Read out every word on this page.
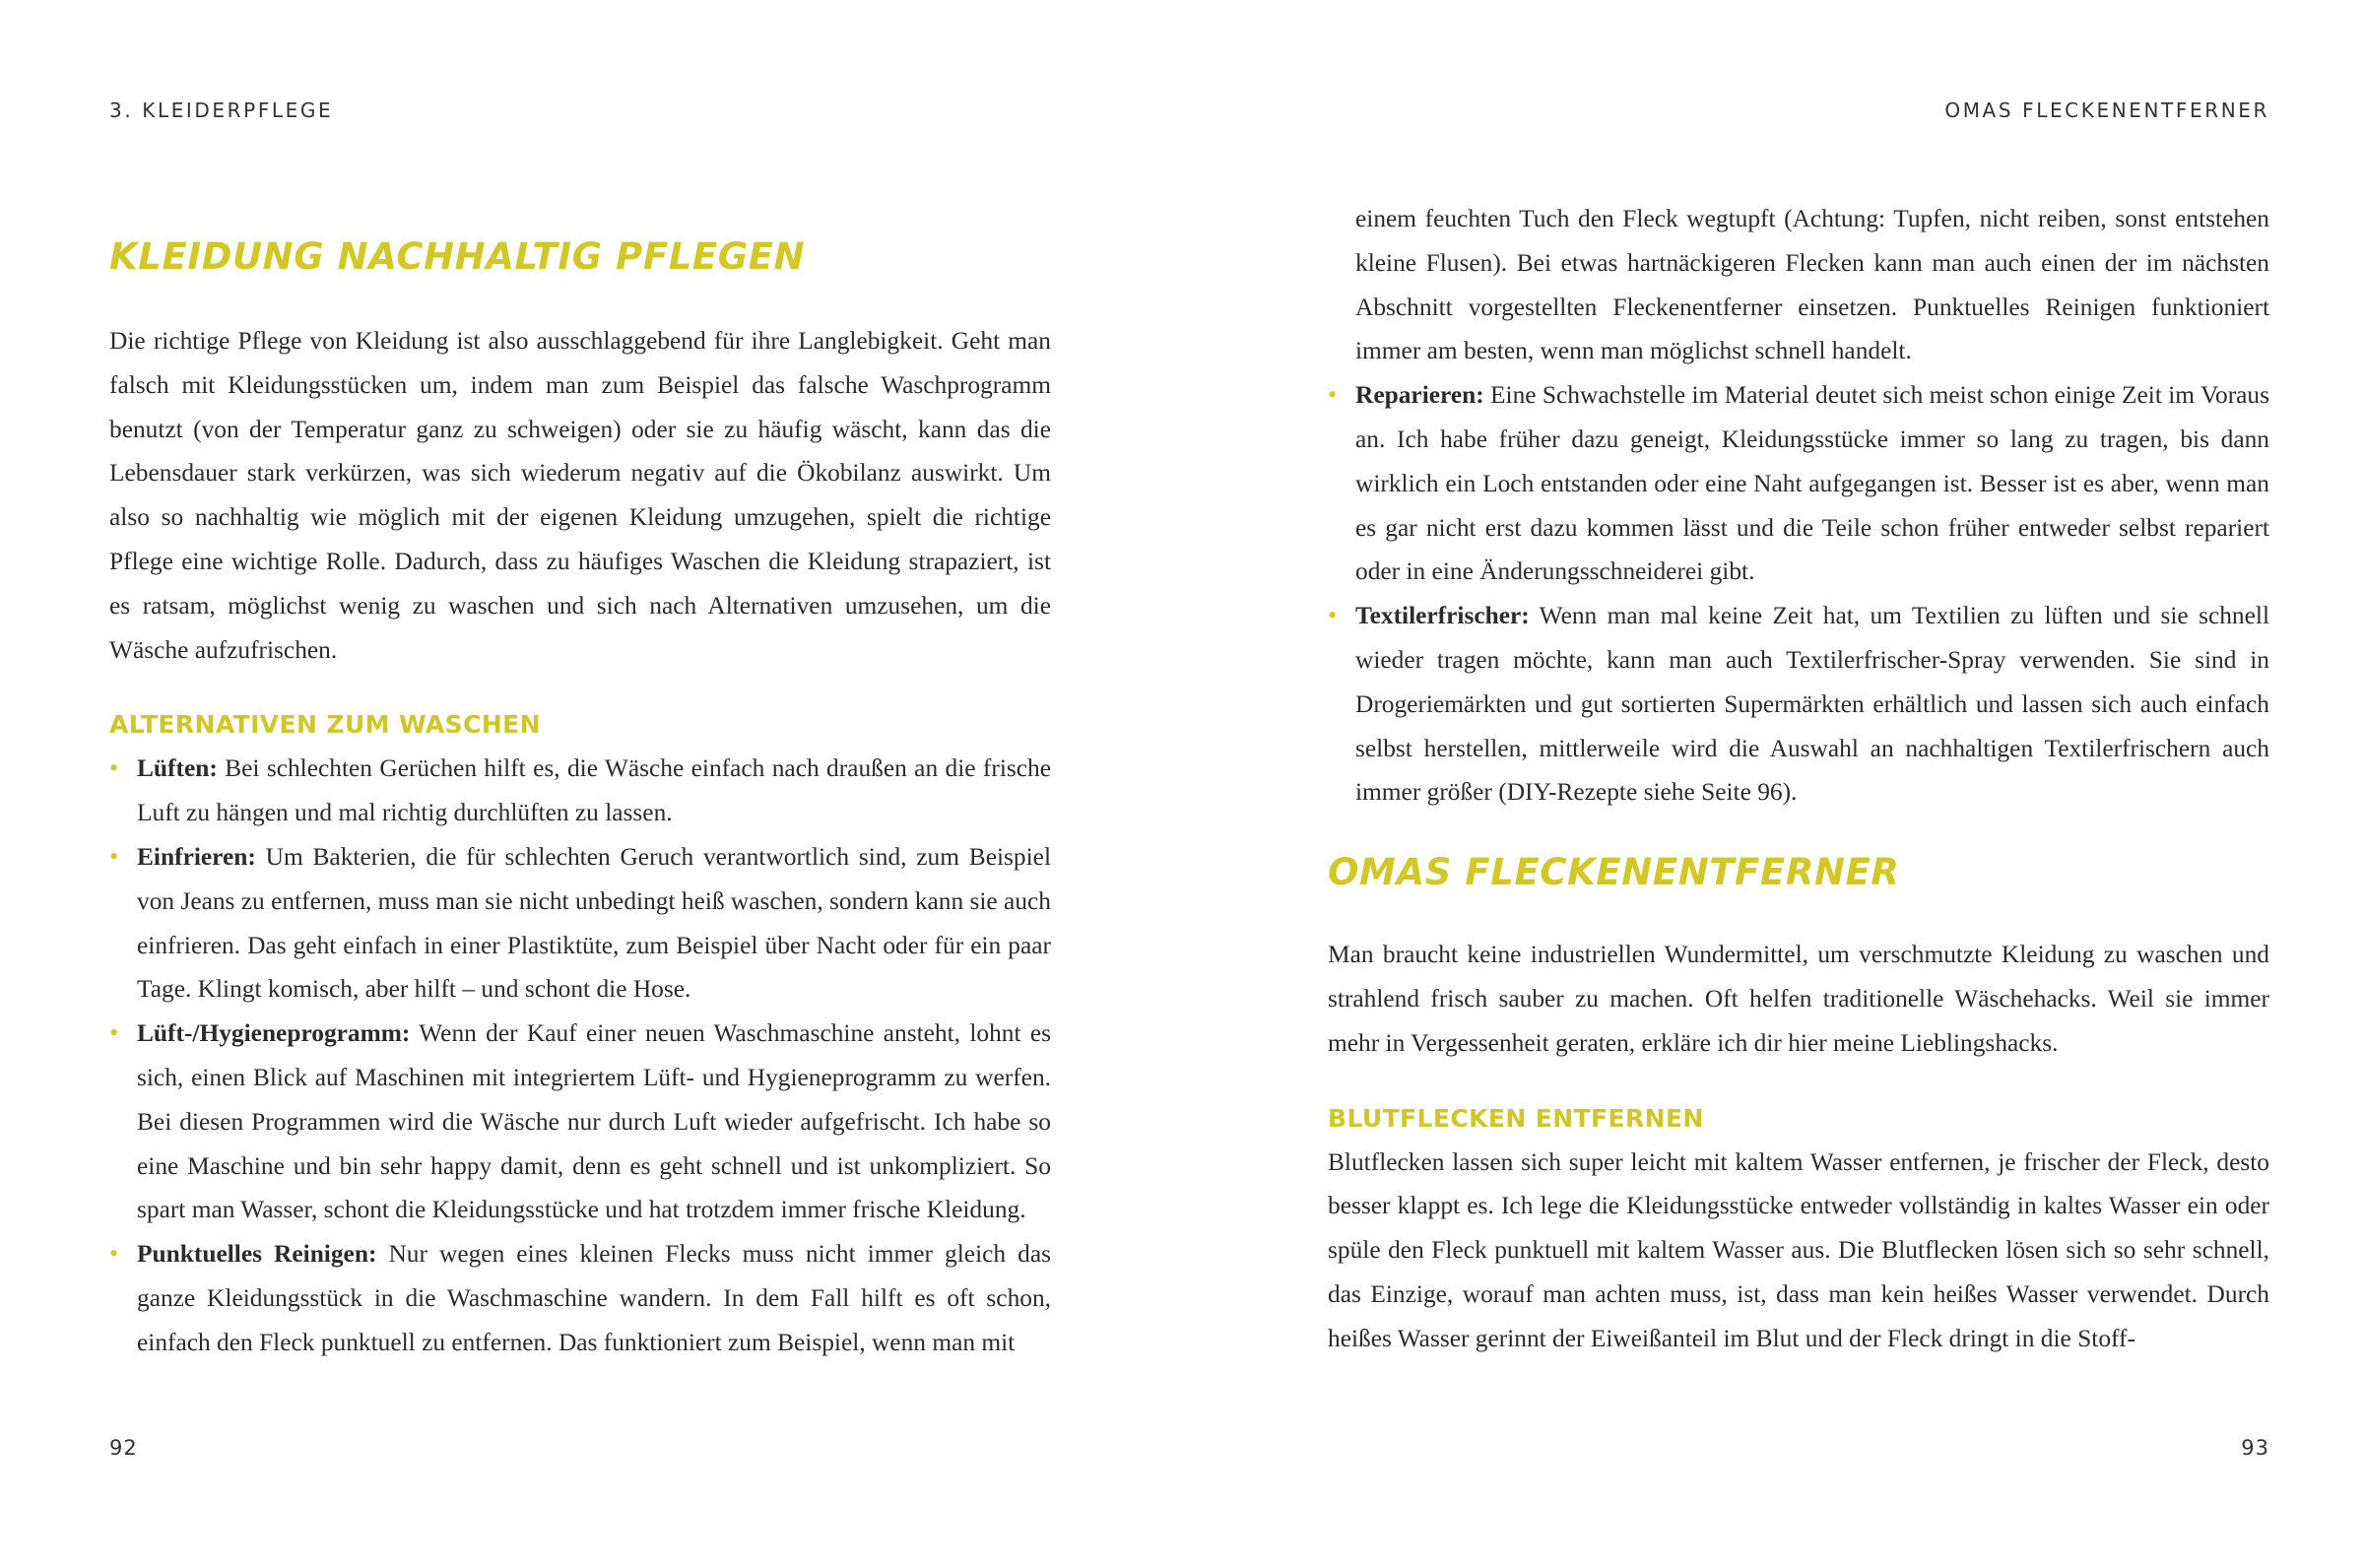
3. KLEIDERPFLEGE
KLEIDUNG NACHHALTIG PFLEGEN

Die richtige Pflege von Kleidung ist also ausschlaggebend für ihre Langlebigkeit. Geht man falsch mit Kleidungsstücken um, indem man zum Beispiel das falsche Waschprogramm benutzt (von der Temperatur ganz zu schweigen) oder sie zu häufig wäscht, kann das die Lebensdauer stark verkürzen, was sich wiederum negativ auf die Ökobilanz auswirkt. Um also so nachhaltig wie möglich mit der eigenen Kleidung umzugehen, spielt die richtige Pflege eine wichtige Rolle. Dadurch, dass zu häufiges Waschen die Kleidung strapaziert, ist es ratsam, möglichst wenig zu waschen und sich nach Alternativen umzusehen, um die Wäsche aufzufrischen.

ALTERNATIVEN ZUM WASCHEN
• Lüften: Bei schlechten Gerüchen hilft es, die Wäsche einfach nach draußen an die frische Luft zu hängen und mal richtig durchlüften zu lassen.
• Einfrieren: Um Bakterien, die für schlechten Geruch verantwortlich sind, zum Beispiel von Jeans zu entfernen, muss man sie nicht unbedingt heiß waschen, sondern kann sie auch einfrieren. Das geht einfach in einer Plastiktüte, zum Beispiel über Nacht oder für ein paar Tage. Klingt komisch, aber hilft – und schont die Hose.
• Lüft-/Hygieneprogramm: Wenn der Kauf einer neuen Waschmaschine ansteht, lohnt es sich, einen Blick auf Maschinen mit integriertem Lüft- und Hygieneprogramm zu werfen. Bei diesen Programmen wird die Wäsche nur durch Luft wieder aufgefrischt. Ich habe so eine Maschine und bin sehr happy damit, denn es geht schnell und ist unkompliziert. So spart man Wasser, schont die Kleidungsstücke und hat trotzdem immer frische Kleidung.
• Punktuelles Reinigen: Nur wegen eines kleinen Flecks muss nicht immer gleich das ganze Kleidungsstück in die Waschmaschine wandern. In dem Fall hilft es oft schon, einfach den Fleck punktuell zu entfernen. Das funktioniert zum Beispiel, wenn man mit
92
OMAS FLECKENENTFERNER

einem feuchten Tuch den Fleck wegtupft (Achtung: Tupfen, nicht reiben, sonst entstehen kleine Flusen). Bei etwas hartnäckigeren Flecken kann man auch einen der im nächsten Abschnitt vorgestellten Fleckenentferner einsetzen. Punktuelles Reinigen funktioniert immer am besten, wenn man möglichst schnell handelt.

• Reparieren: Eine Schwachstelle im Material deutet sich meist schon einige Zeit im Voraus an. Ich habe früher dazu geneigt, Kleidungsstücke immer so lang zu tragen, bis dann wirklich ein Loch entstanden oder eine Naht aufgegangen ist. Besser ist es aber, wenn man es gar nicht erst dazu kommen lässt und die Teile schon früher entweder selbst repariert oder in eine Änderungsschneiderei gibt.
• Textilerfrischer: Wenn man mal keine Zeit hat, um Textilien zu lüften und sie schnell wieder tragen möchte, kann man auch Textilerfrischer-Spray verwenden. Sie sind in Drogeriemärkten und gut sortierten Supermärkten erhältlich und lassen sich auch einfach selbst herstellen, mittlerweile wird die Auswahl an nachhaltigen Textilerfrischern auch immer größer (DIY-Rezepte siehe Seite 96).
OMAS FLECKENENTFERNER

Man braucht keine industriellen Wundermittel, um verschmutzte Kleidung zu waschen und strahlend frisch sauber zu machen. Oft helfen traditionelle Wäschehacks. Weil sie immer mehr in Vergessenheit geraten, erkläre ich dir hier meine Lieblingshacks.

BLUTFLECKEN ENTFERNEN

Blutflecken lassen sich super leicht mit kaltem Wasser entfernen, je frischer der Fleck, desto besser klappt es. Ich lege die Kleidungsstücke entweder vollständig in kaltes Wasser ein oder spüle den Fleck punktuell mit kaltem Wasser aus. Die Blutflecken lösen sich so sehr schnell, das Einzige, worauf man achten muss, ist, dass man kein heißes Wasser verwendet. Durch heißes Wasser gerinnt der Eiweißanteil im Blut und der Fleck dringt in die Stoff-

93
